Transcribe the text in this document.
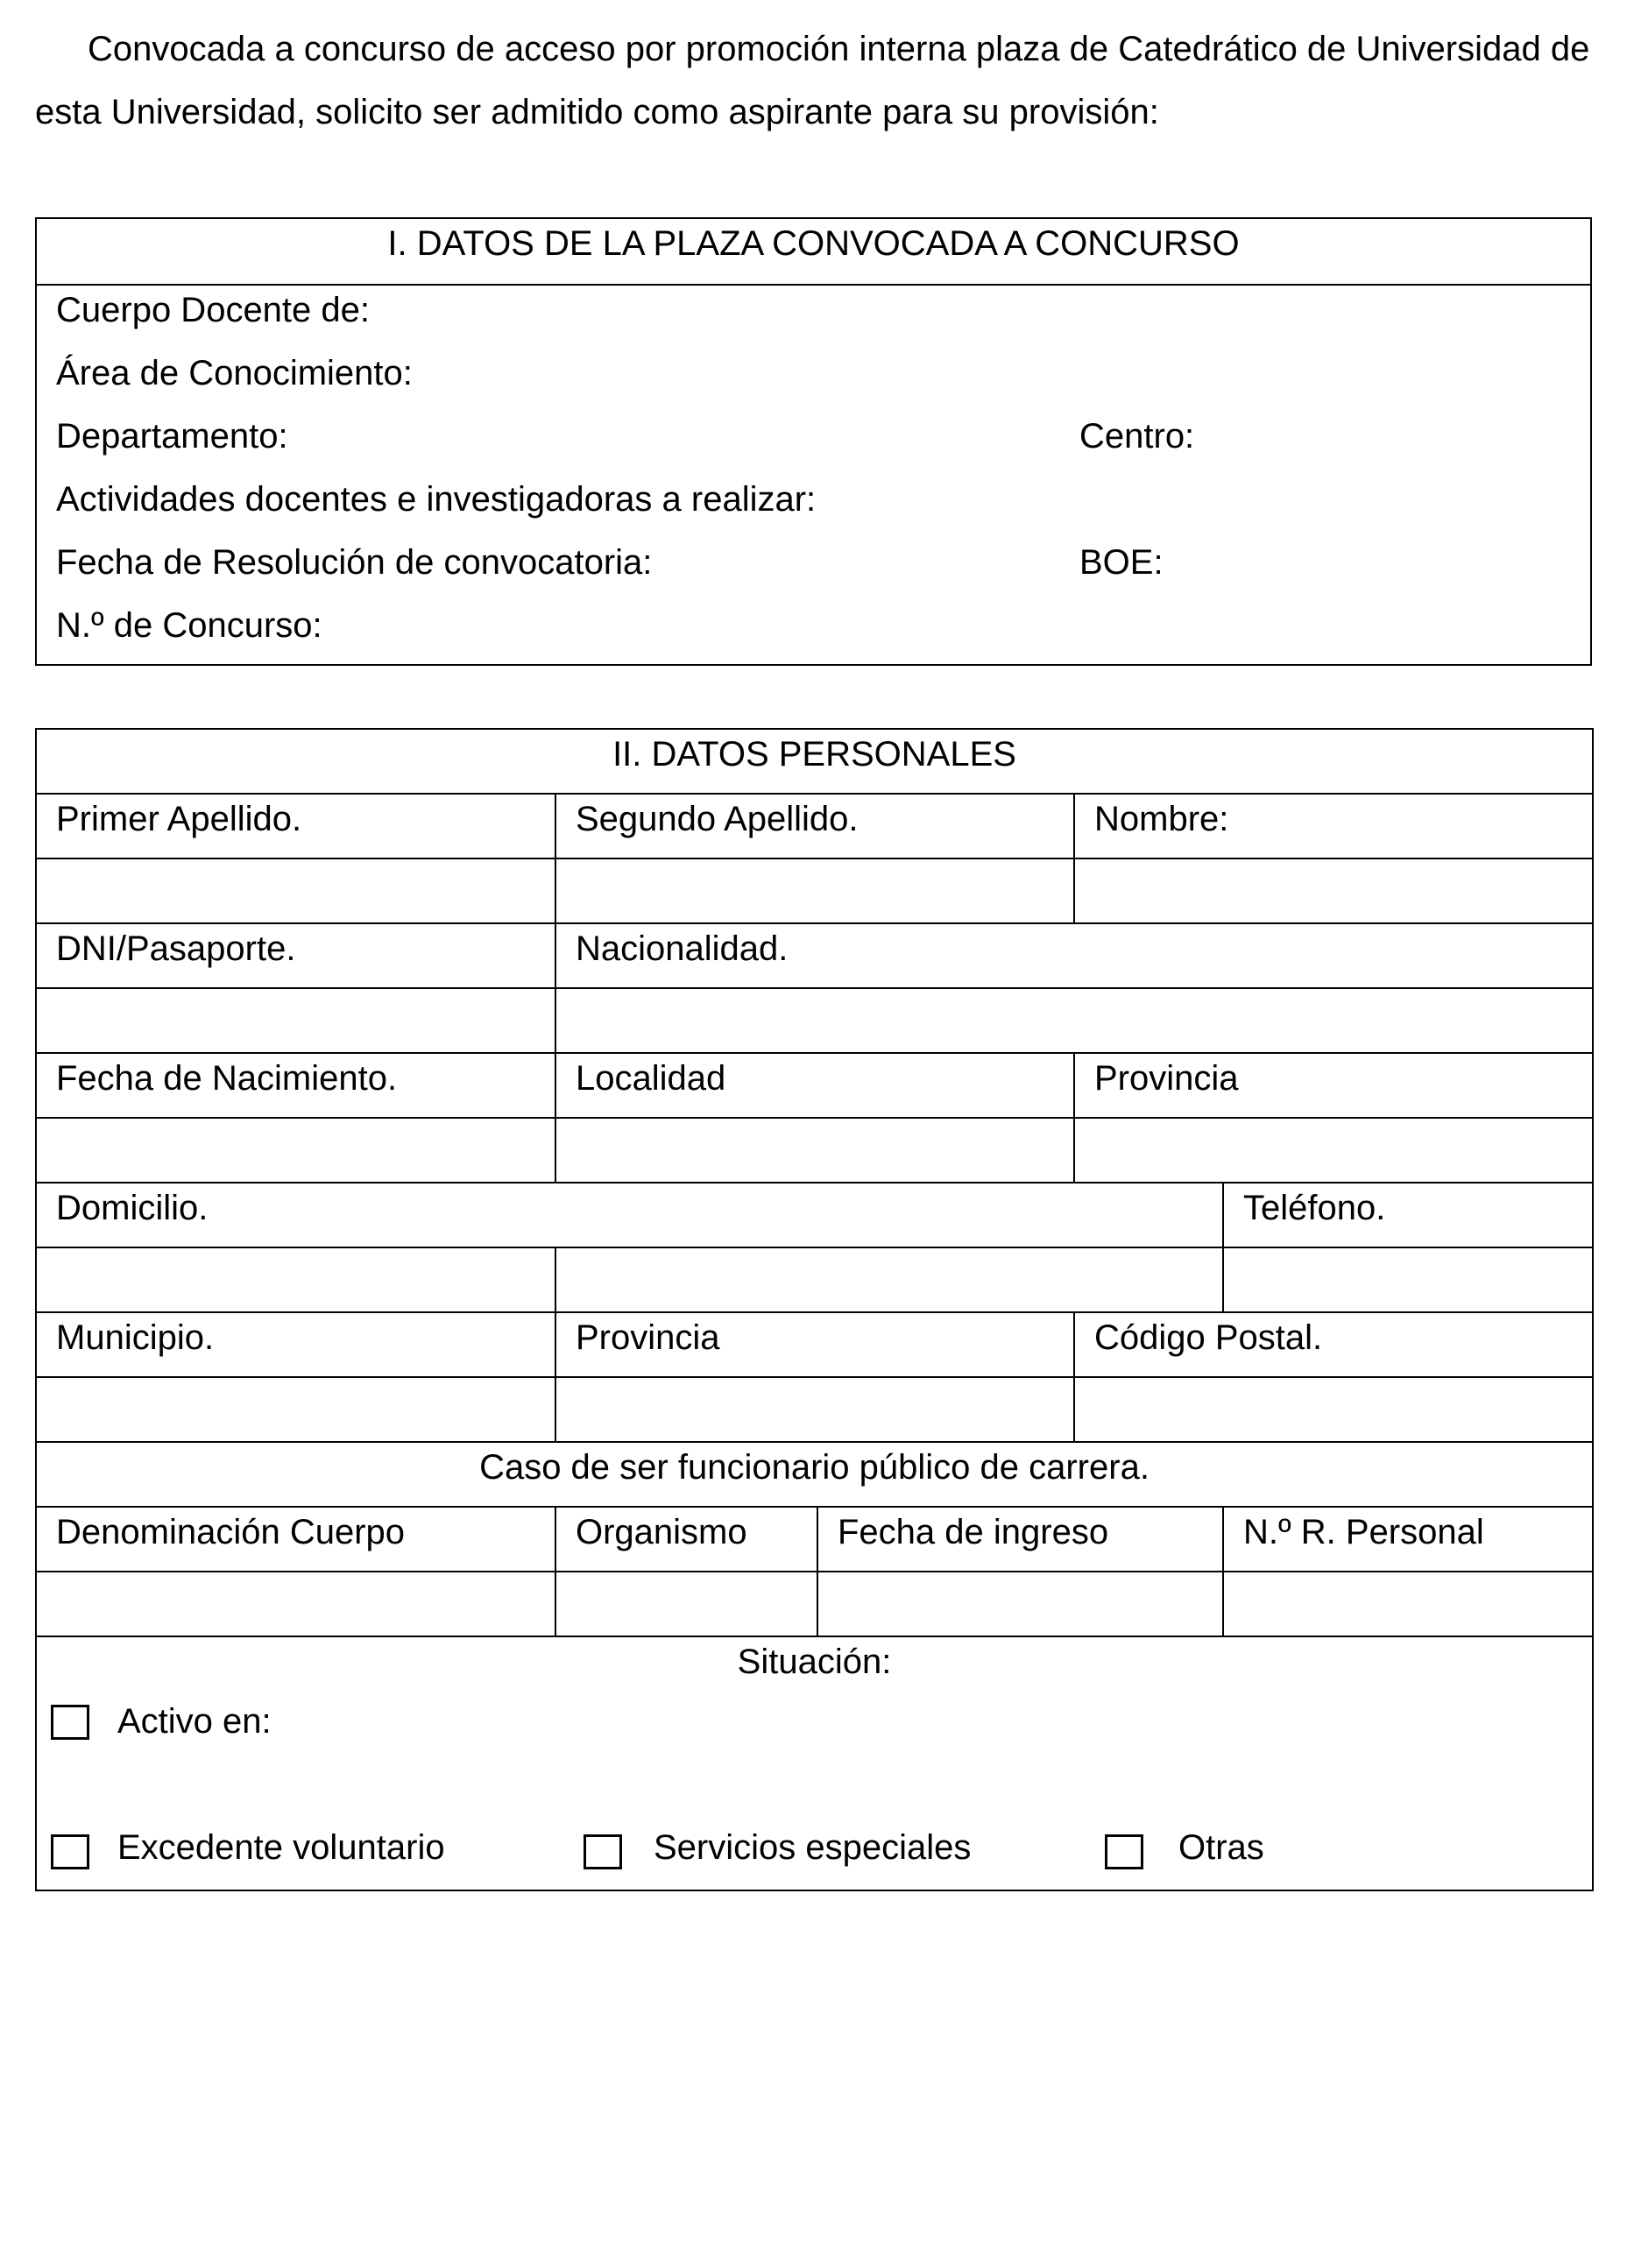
Convocada a concurso de acceso por promoción interna plaza de Catedrático de Universidad de esta Universidad, solicito ser admitido como aspirante para su provisión:

I. DATOS DE LA PLAZA CONVOCADA A CONCURSO

Cuerpo Docente de:
Área de Conocimiento:
Departamento:	Centro:
Actividades docentes e investigadoras a realizar:
Fecha de Resolución de convocatoria:	BOE:
N.º de Concurso:
II. DATOS PERSONALES				
Primer Apellido.	Segundo Apellido.		Nombre:	

DNI/Pasaporte.	Nacionalidad.			

Fecha de Nacimiento.	Localidad		Provincia	

Domicilio.				Teléfono.

Municipio.	Provincia		Código Postal.	

Caso de ser funcionario público de carrera.				
Denominación Cuerpo	Organismo	Fecha de ingreso		N.º R. Personal

Situación:
Activo en:
Excedente voluntario Servicios especiales Otras				
